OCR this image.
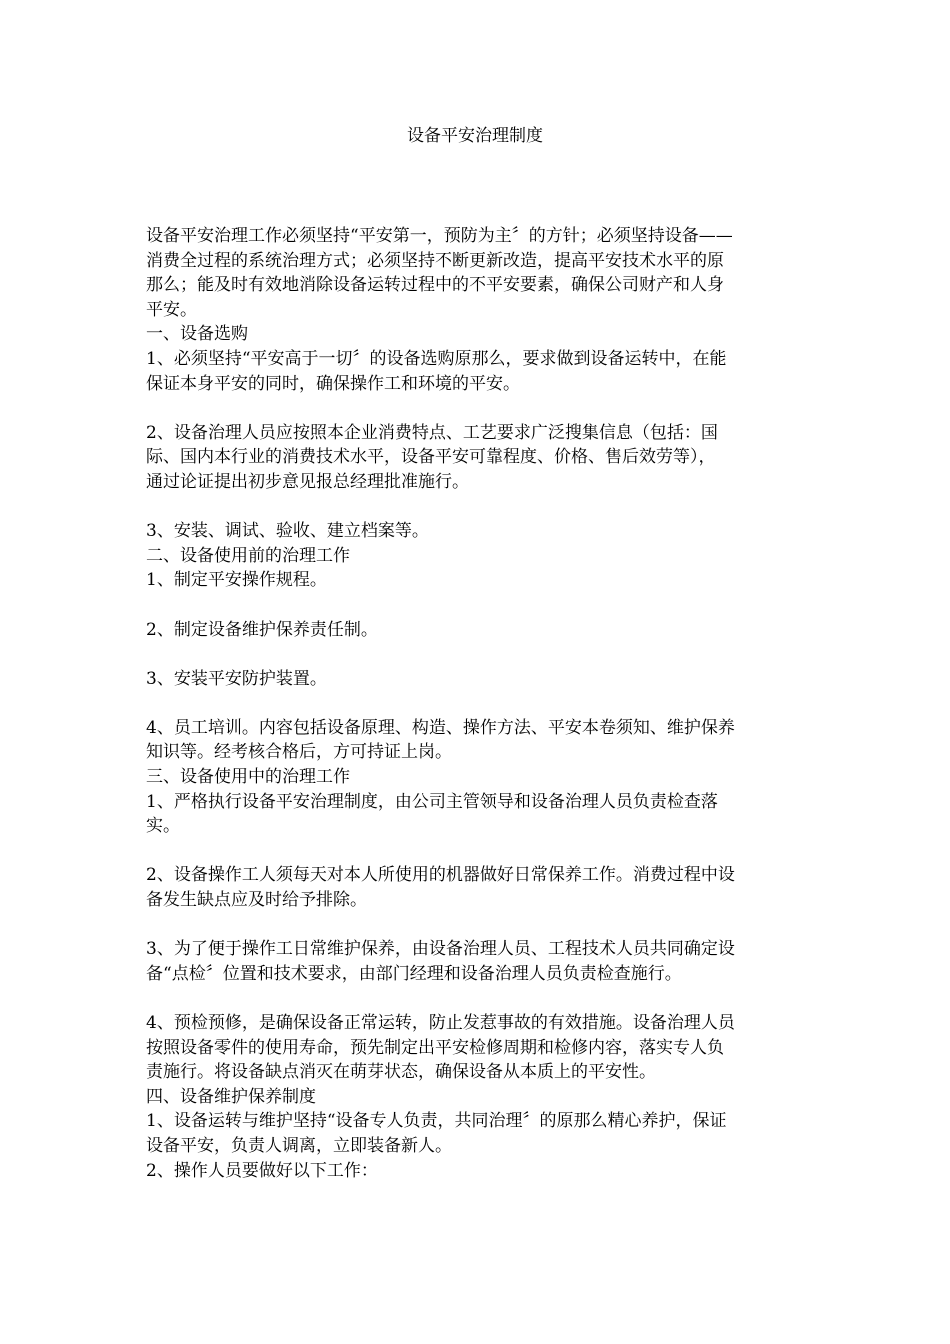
设备平安治理制度

设备平安治理工作必须坚持“平安第一，预防为主〞的方针；必须坚持设备——

消费全过程的系统治理方式；必须坚持不断更新改造，提高平安技术水平的原

那么；能及时有效地消除设备运转过程中的不平安要素，确保公司财产和人身

平安。

一、设备选购

1、必须坚持“平安高于一切〞的设备选购原那么，要求做到设备运转中，在能

保证本身平安的同时，确保操作工和环境的平安。

2、设备治理人员应按照本企业消费特点、工艺要求广泛搜集信息（包括：国

际、国内本行业的消费技术水平，设备平安可靠程度、价格、售后效劳等），

通过论证提出初步意见报总经理批准施行。

3、安装、调试、验收、建立档案等。

二、设备使用前的治理工作

1、制定平安操作规程。

2、制定设备维护保养责任制。

3、安装平安防护装置。

4、员工培训。内容包括设备原理、构造、操作方法、平安本卷须知、维护保养

知识等。经考核合格后，方可持证上岗。

三、设备使用中的治理工作

1、严格执行设备平安治理制度，由公司主管领导和设备治理人员负责检查落

实。

2、设备操作工人须每天对本人所使用的机器做好日常保养工作。消费过程中设

备发生缺点应及时给予排除。

3、为了便于操作工日常维护保养，由设备治理人员、工程技术人员共同确定设

备“点检〞位置和技术要求，由部门经理和设备治理人员负责检查施行。

4、预检预修，是确保设备正常运转，防止发惹事故的有效措施。设备治理人员

按照设备零件的使用寿命，预先制定出平安检修周期和检修内容，落实专人负

责施行。将设备缺点消灭在萌芽状态，确保设备从本质上的平安性。

四、设备维护保养制度

1、设备运转与维护坚持“设备专人负责，共同治理〞的原那么精心养护，保证

设备平安，负责人调离，立即装备新人。

2、操作人员要做好以下工作：
